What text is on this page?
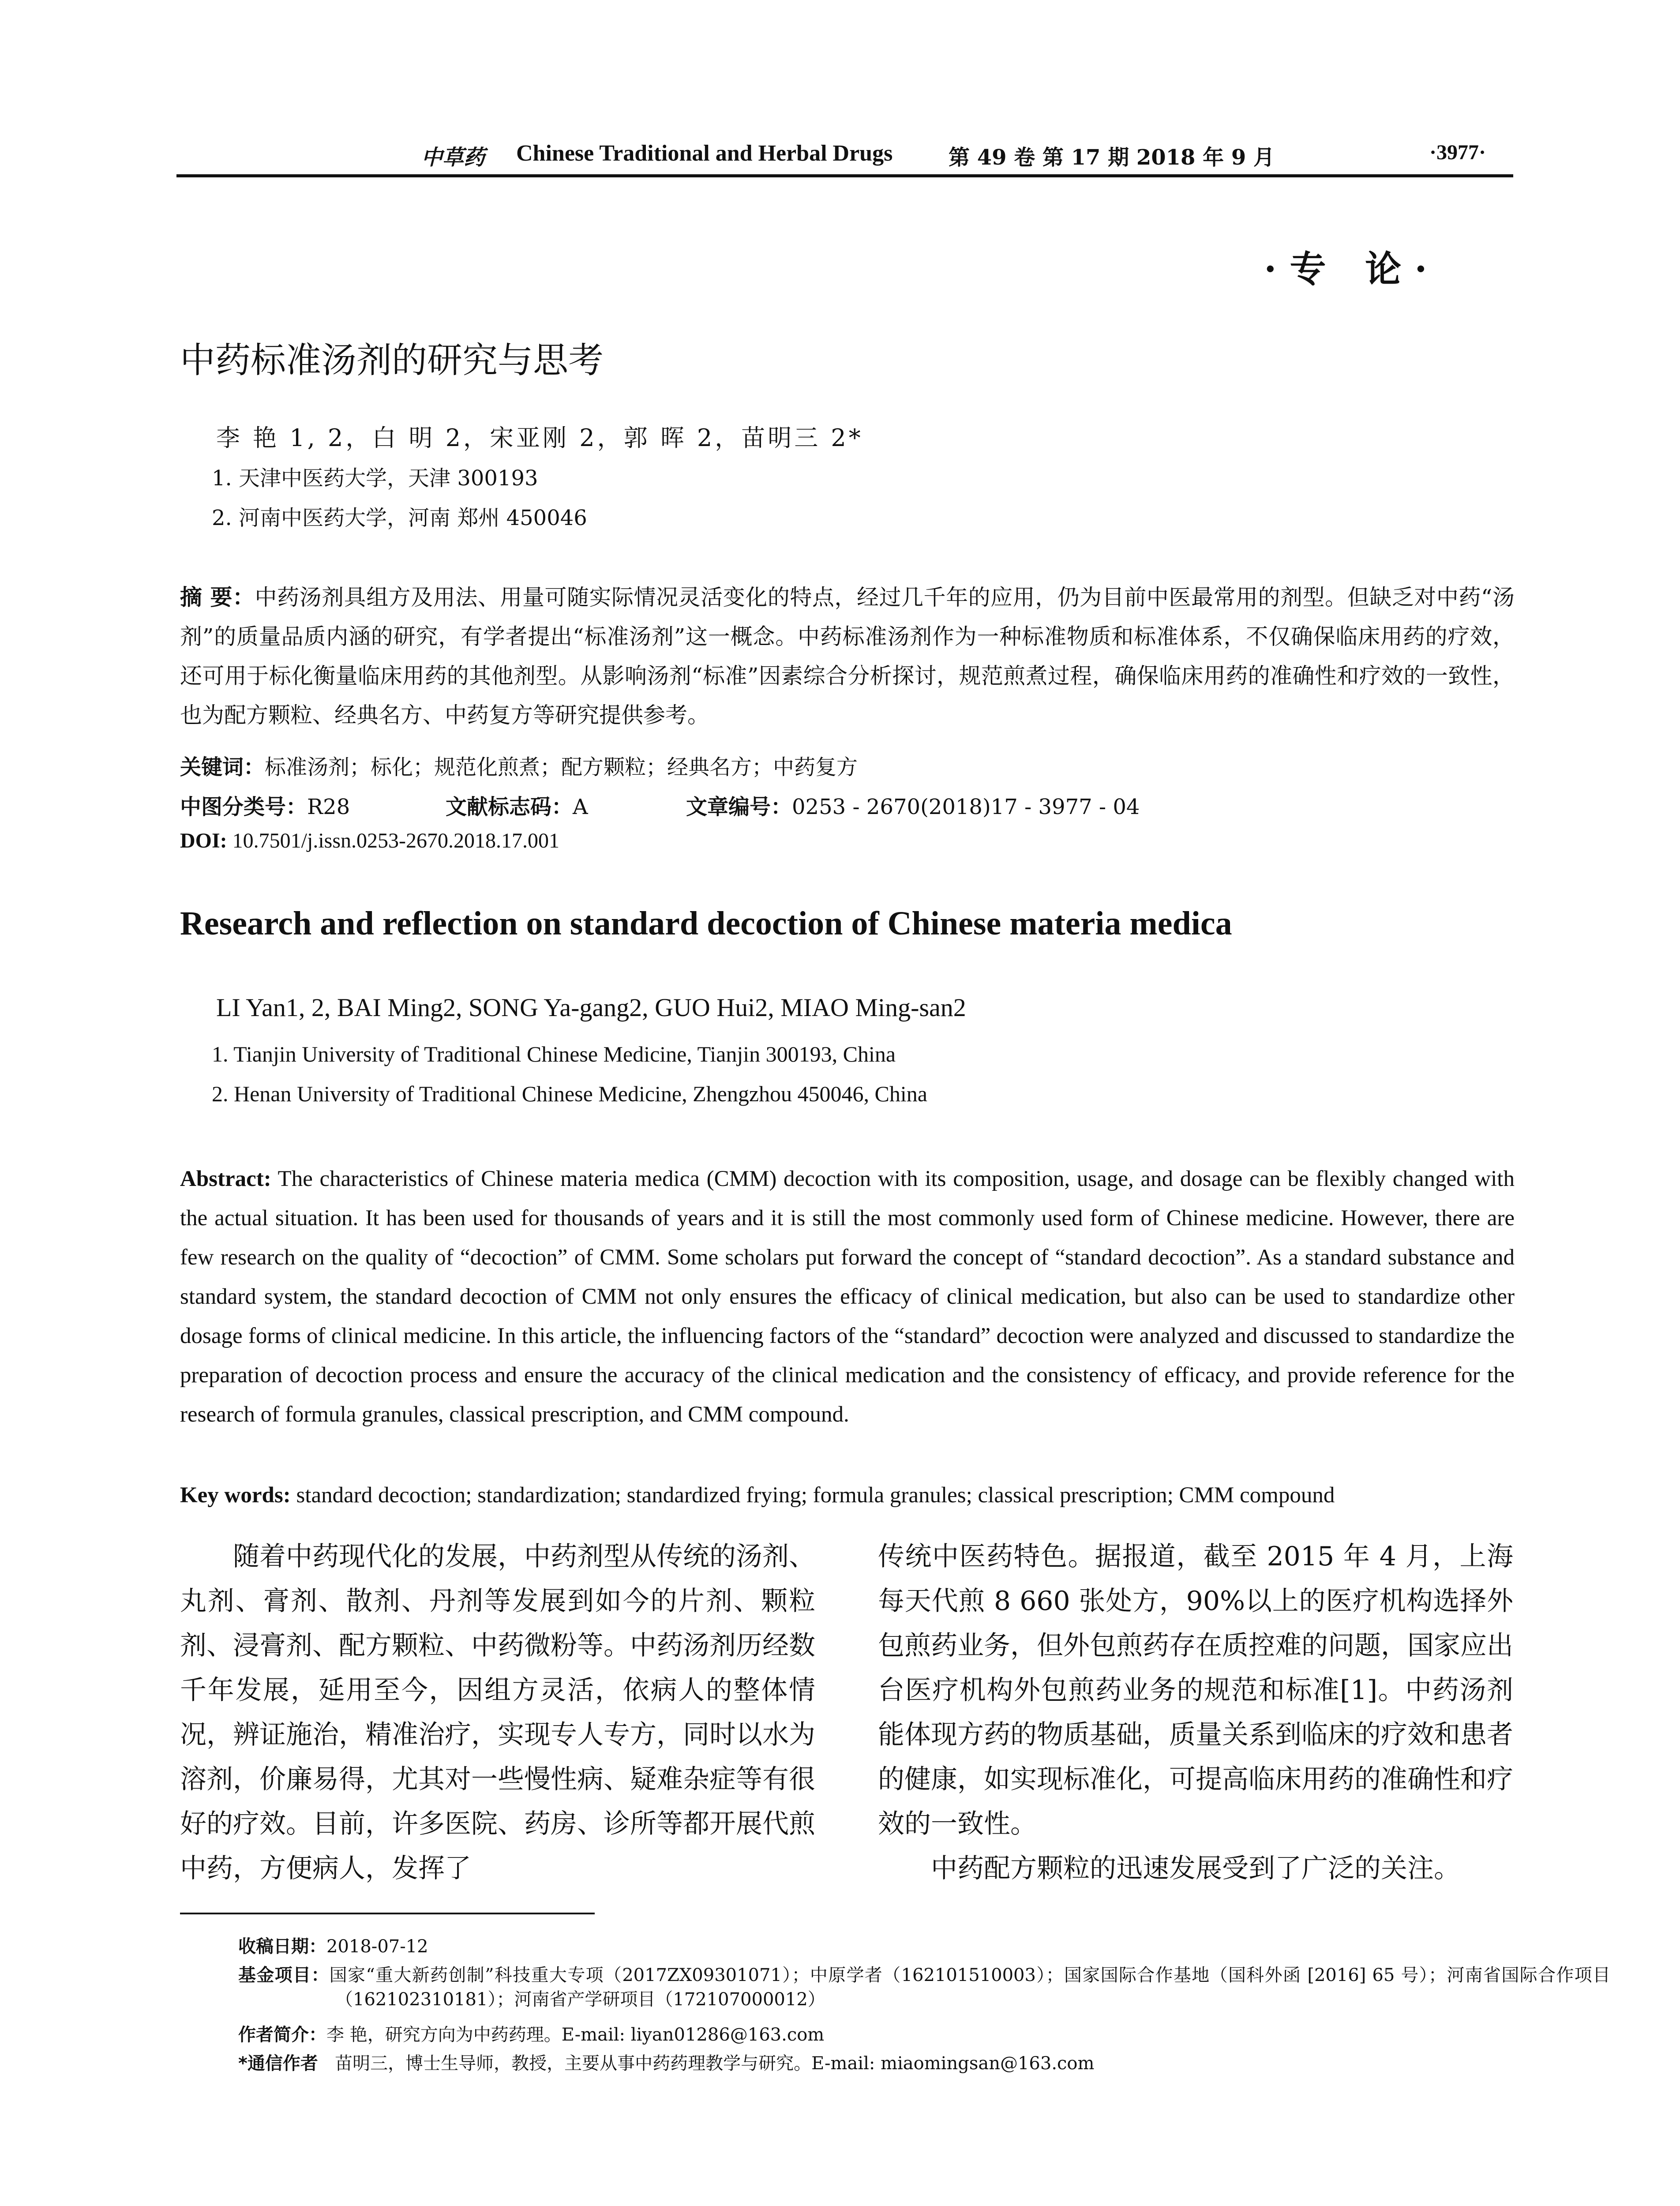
中草药 Chinese Traditional and Herbal Drugs	第 49 卷 第 17 期 2018 年 9 月	·3977·
·专 论·
中药标准汤剂的研究与思考
李 艳 1, 2，白 明 2，宋亚刚 2，郭 晖 2，苗明三 2*
1. 天津中医药大学，天津 300193
2. 河南中医药大学，河南 郑州 450046
摘 要：中药汤剂具组方及用法、用量可随实际情况灵活变化的特点，经过几千年的应用，仍为目前中医最常用的剂型。但缺乏对中药“汤剂”的质量品质内涵的研究，有学者提出“标准汤剂”这一概念。中药标准汤剂作为一种标准物质和标准体系，不仅确保临床用药的疗效，还可用于标化衡量临床用药的其他剂型。从影响汤剂“标准”因素综合分析探讨，规范煎煮过程，确保临床用药的准确性和疗效的一致性，也为配方颗粒、经典名方、中药复方等研究提供参考。
关键词：标准汤剂；标化；规范化煎煮；配方颗粒；经典名方；中药复方
中图分类号：R28	文献标志码：A	文章编号：0253 - 2670(2018)17 - 3977 - 04
DOI: 10.7501/j.issn.0253-2670.2018.17.001
Research and reflection on standard decoction of Chinese materia medica
LI Yan1, 2, BAI Ming2, SONG Ya-gang2, GUO Hui2, MIAO Ming-san2
1. Tianjin University of Traditional Chinese Medicine, Tianjin 300193, China
2. Henan University of Traditional Chinese Medicine, Zhengzhou 450046, China
Abstract: The characteristics of Chinese materia medica (CMM) decoction with its composition, usage, and dosage can be flexibly changed with the actual situation. It has been used for thousands of years and it is still the most commonly used form of Chinese medicine. However, there are few research on the quality of “decoction” of CMM. Some scholars put forward the concept of “standard decoction”. As a standard substance and standard system, the standard decoction of CMM not only ensures the efficacy of clinical medication, but also can be used to standardize other dosage forms of clinical medicine. In this article, the influencing factors of the “standard” decoction were analyzed and discussed to standardize the preparation of decoction process and ensure the accuracy of the clinical medication and the consistency of efficacy, and provide reference for the research of formula granules, classical prescription, and CMM compound.
Key words: standard decoction; standardization; standardized frying; formula granules; classical prescription; CMM compound
随着中药现代化的发展，中药剂型从传统的汤剂、丸剂、膏剂、散剂、丹剂等发展到如今的片剂、颗粒剂、浸膏剂、配方颗粒、中药微粉等。中药汤剂历经数千年发展，延用至今，因组方灵活，依病人的整体情况，辨证施治，精准治疗，实现专人专方，同时以水为溶剂，价廉易得，尤其对一些慢性病、疑难杂症等有很好的疗效。目前，许多医院、药房、诊所等都开展代煎中药，方便病人，发挥了
传统中医药特色。据报道，截至 2015 年 4 月，上海每天代煎 8 660 张处方，90%以上的医疗机构选择外包煎药业务，但外包煎药存在质控难的问题，国家应出台医疗机构外包煎药业务的规范和标准[1]。中药汤剂能体现方药的物质基础，质量关系到临床的疗效和患者的健康，如实现标准化，可提高临床用药的准确性和疗效的一致性。
中药配方颗粒的迅速发展受到了广泛的关注。
收稿日期：2018-07-12
基金项目：国家“重大新药创制”科技重大专项（2017ZX09301071）；中原学者（162101510003）；国家国际合作基地（国科外函 [2016] 65 号）；河南省国际合作项目（162102310181）；河南省产学研项目（172107000012）
作者简介：李 艳，研究方向为中药药理。E-mail: liyan01286@163.com
*通信作者 苗明三，博士生导师，教授，主要从事中药药理教学与研究。E-mail: miaomingsan@163.com
